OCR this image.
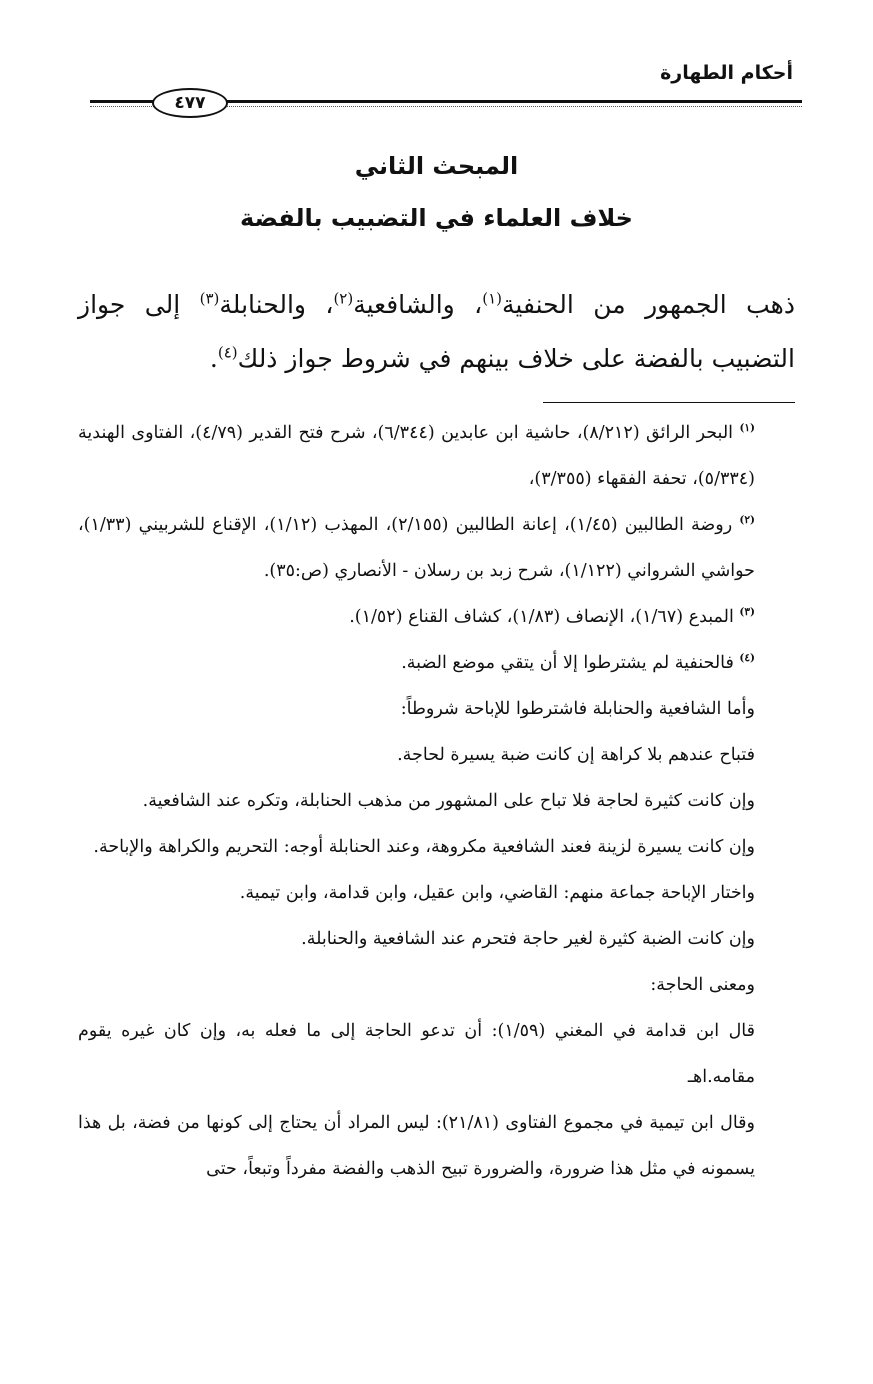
أحكام الطهارة
٤٧٧
المبحث الثاني
خلاف العلماء في التضبيب بالفضة

ذهب الجمهور من الحنفية$^{(١)}$، والشافعية$^{(٢)}$، والحنابلة$^{(٣)}$ إلى جواز التضبيب بالفضة على خلاف بينهم في شروط جواز ذلك$^{(٤)}$.

$^{(١)}$ البحر الرائق (٨/٢١٢)، حاشية ابن عابدين (٦/٣٤٤)، شرح فتح القدير (٤/٧٩)، الفتاوى الهندية (٥/٣٣٤)، تحفة الفقهاء (٣/٣٥٥)،

$^{(٢)}$ روضة الطالبين (١/٤٥)، إعانة الطالبين (٢/١٥٥)، المهذب (١/١٢)، الإقناع للشربيني (١/٣٣)، حواشي الشرواني (١/١٢٢)، شرح زبد بن رسلان - الأنصاري (ص:٣٥).

$^{(٣)}$ المبدع (١/٦٧)، الإنصاف (١/٨٣)، كشاف القناع (١/٥٢).

$^{(٤)}$ فالحنفية لم يشترطوا إلا أن يتقي موضع الضبة.

وأما الشافعية والحنابلة فاشترطوا للإباحة شروطاً:

فتباح عندهم بلا كراهة إن كانت ضبة يسيرة لحاجة.

وإن كانت كثيرة لحاجة فلا تباح على المشهور من مذهب الحنابلة، وتكره عند الشافعية.

وإن كانت يسيرة لزينة فعند الشافعية مكروهة، وعند الحنابلة أوجه: التحريم والكراهة والإباحة.

واختار الإباحة جماعة منهم: القاضي، وابن عقيل، وابن قدامة، وابن تيمية.

وإن كانت الضبة كثيرة لغير حاجة فتحرم عند الشافعية والحنابلة.

ومعنى الحاجة:

قال ابن قدامة في المغني (١/٥٩): أن تدعو الحاجة إلى ما فعله به، وإن كان غيره يقوم مقامه.اهـ

وقال ابن تيمية في مجموع الفتاوى (٢١/٨١): ليس المراد أن يحتاج إلى كونها من فضة، بل هذا يسمونه في مثل هذا ضرورة، والضرورة تبيح الذهب والفضة مفرداً وتبعاً، حتى
